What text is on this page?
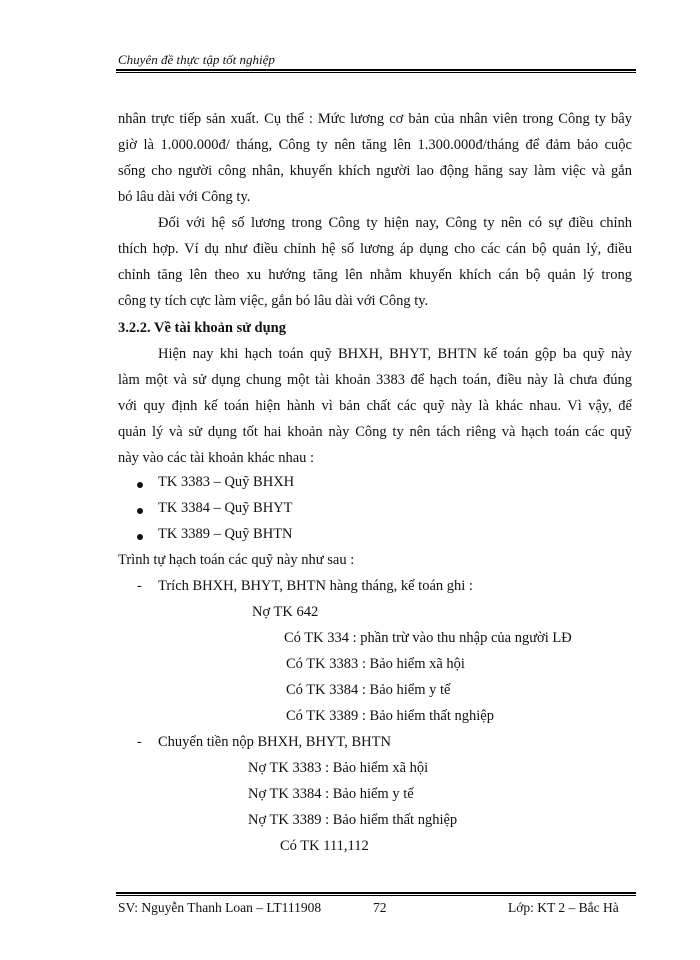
Chuyên đề thực tập tốt nghiệp
nhân trực tiếp sản xuất. Cụ thể : Mức lương cơ bản của nhân viên trong Công ty bây
giờ là 1.000.000đ/ tháng, Công ty nên tăng lên 1.300.000đ/tháng để đảm bảo cuộc
sống cho người công nhân, khuyến khích người lao động hăng say làm việc và gắn
bó lâu dài với Công ty.
Đối với hệ số lương trong Công ty hiện nay, Công ty nên có sự điều chỉnh
thích hợp. Ví dụ như điều chỉnh hệ số lương áp dụng cho các cán bộ quản lý, điều
chỉnh tăng lên theo xu hướng tăng lên nhằm khuyến khích cán bộ quản lý trong
công ty tích cực làm việc, gắn bó lâu dài với Công ty.
3.2.2. Về tài khoản sử dụng
Hiện nay khi hạch toán quỹ BHXH, BHYT, BHTN kế toán gộp ba quỹ này
làm một và sử dụng chung một tài khoản 3383 để hạch toán, điều này là chưa đúng
với quy định kế toán hiện hành vì bản chất các quỹ này là khác nhau. Vì vậy, để
quản lý và sử dụng tốt hai khoản này Công ty nên tách riêng và hạch toán các quỹ
này vào các tài khoản khác nhau :
TK 3383 – Quỹ BHXH
TK 3384 – Quỹ BHYT
TK 3389 – Quỹ BHTN
Trình tự hạch toán các quỹ này như sau :
- Trích BHXH, BHYT, BHTN hàng tháng, kế toán ghi :
Nợ TK 642
Có TK 334 : phần trừ vào thu nhập của người LĐ
Có TK 3383 : Bảo hiểm xã hội
Có TK 3384 : Bảo hiểm y tế
Có TK 3389 : Bảo hiểm thất nghiệp
- Chuyển tiền nộp BHXH, BHYT, BHTN
Nợ TK 3383 : Bảo hiểm xã hội
Nợ TK 3384 : Bảo hiểm y tế
Nợ TK 3389 : Bảo hiểm thất nghiệp
Có TK 111,112
SV: Nguyễn Thanh Loan – LT111908	72	Lớp: KT 2 – Bắc Hà
